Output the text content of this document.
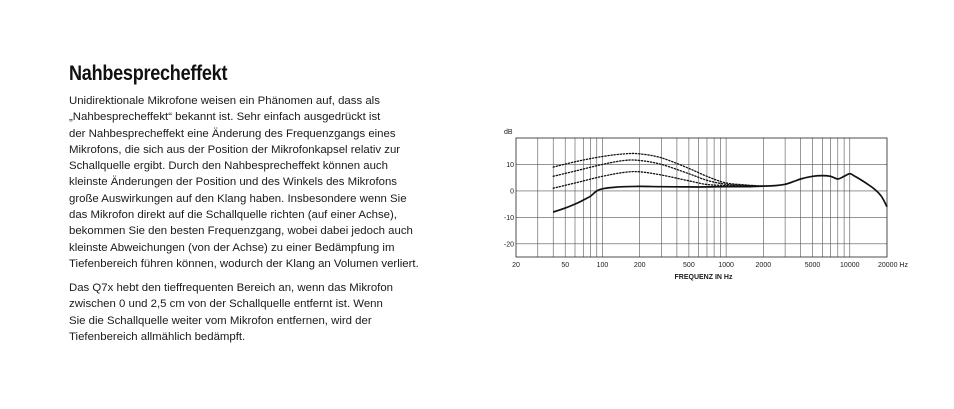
Nahbesprecheffekt
Unidirektionale Mikrofone weisen ein Phänomen auf, dass als
„Nahbesprecheffekt“ bekannt ist. Sehr einfach ausgedrückt ist
der Nahbesprecheffekt eine Änderung des Frequenzgangs eines
Mikrofons, die sich aus der Position der Mikrofonkapsel relativ zur
Schallquelle ergibt. Durch den Nahbesprecheffekt können auch
kleinste Änderungen der Position und des Winkels des Mikrofons
große Auswirkungen auf den Klang haben. Insbesondere wenn Sie
das Mikrofon direkt auf die Schallquelle richten (auf einer Achse),
bekommen Sie den besten Frequenzgang, wobei dabei jedoch auch
kleinste Abweichungen (von der Achse) zu einer Bedämpfung im
Tiefenbereich führen können, wodurch der Klang an Volumen verliert.
Das Q7x hebt den tieffrequenten Bereich an, wenn das Mikrofon
zwischen 0 und 2,5 cm von der Schallquelle entfernt ist. Wenn
Sie die Schallquelle weiter vom Mikrofon entfernen, wird der
Tiefenbereich allmählich bedämpft.
10
0
-10
-20
dB
20	50	100	200	500	1000	2000	5000	10000	20000 Hz
FREQUENZ IN Hz
